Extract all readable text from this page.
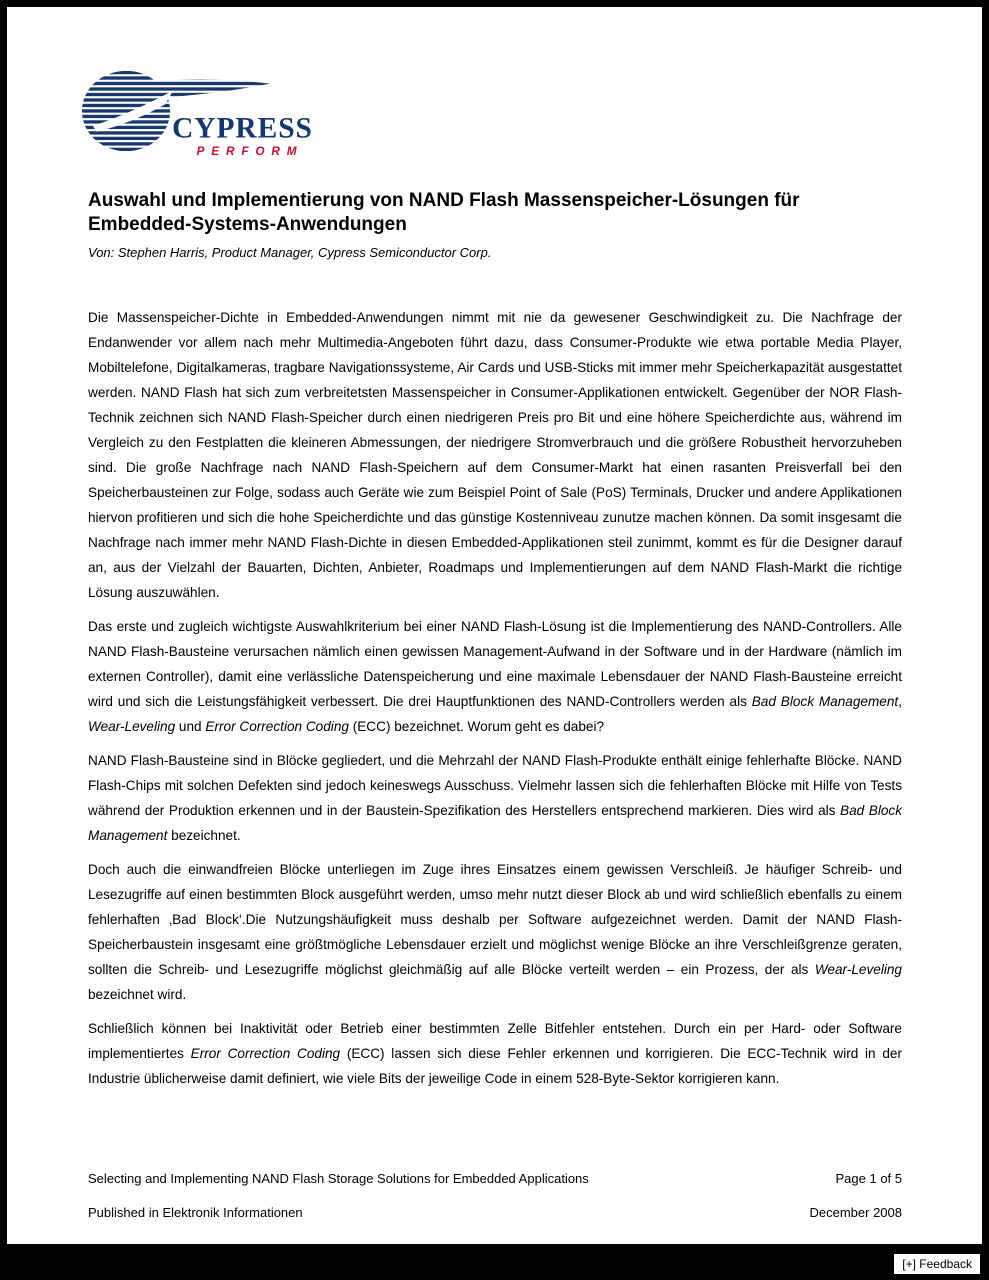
CYPRESS
PERFORM
Auswahl und Implementierung von NAND Flash Massenspeicher-Lösungen für Embedded-Systems-Anwendungen
Von: Stephen Harris, Product Manager, Cypress Semiconductor Corp.

Die Massenspeicher-Dichte in Embedded-Anwendungen nimmt mit nie da gewesener Geschwindigkeit zu. Die Nachfrage der Endanwender vor allem nach mehr Multimedia-Angeboten führt dazu, dass Consumer-Produkte wie etwa portable Media Player, Mobiltelefone, Digitalkameras, tragbare Navigationssysteme, Air Cards und USB-Sticks mit immer mehr Speicherkapazität ausgestattet werden. NAND Flash hat sich zum verbreitetsten Massenspeicher in Consumer-Applikationen entwickelt. Gegenüber der NOR Flash-Technik zeichnen sich NAND Flash-Speicher durch einen niedrigeren Preis pro Bit und eine höhere Speicherdichte aus, während im Vergleich zu den Festplatten die kleineren Abmessungen, der niedrigere Stromverbrauch und die größere Robustheit hervorzuheben sind. Die große Nachfrage nach NAND Flash-Speichern auf dem Consumer-Markt hat einen rasanten Preisverfall bei den Speicherbausteinen zur Folge, sodass auch Geräte wie zum Beispiel Point of Sale (PoS) Terminals, Drucker und andere Applikationen hiervon profitieren und sich die hohe Speicherdichte und das günstige Kostenniveau zunutze machen können. Da somit insgesamt die Nachfrage nach immer mehr NAND Flash-Dichte in diesen Embedded-Applikationen steil zunimmt, kommt es für die Designer darauf an, aus der Vielzahl der Bauarten, Dichten, Anbieter, Roadmaps und Implementierungen auf dem NAND Flash-Markt die richtige Lösung auszuwählen.

Das erste und zugleich wichtigste Auswahlkriterium bei einer NAND Flash-Lösung ist die Implementierung des NAND-Controllers. Alle NAND Flash-Bausteine verursachen nämlich einen gewissen Management-Aufwand in der Software und in der Hardware (nämlich im externen Controller), damit eine verlässliche Datenspeicherung und eine maximale Lebensdauer der NAND Flash-Bausteine erreicht wird und sich die Leistungsfähigkeit verbessert. Die drei Hauptfunktionen des NAND-Controllers werden als Bad Block Management, Wear-Leveling und Error Correction Coding (ECC) bezeichnet. Worum geht es dabei?

NAND Flash-Bausteine sind in Blöcke gegliedert, und die Mehrzahl der NAND Flash-Produkte enthält einige fehlerhafte Blöcke. NAND Flash-Chips mit solchen Defekten sind jedoch keineswegs Ausschuss. Vielmehr lassen sich die fehlerhaften Blöcke mit Hilfe von Tests während der Produktion erkennen und in der Baustein-Spezifikation des Herstellers entsprechend markieren. Dies wird als Bad Block Management bezeichnet.

Doch auch die einwandfreien Blöcke unterliegen im Zuge ihres Einsatzes einem gewissen Verschleiß. Je häufiger Schreib- und Lesezugriffe auf einen bestimmten Block ausgeführt werden, umso mehr nutzt dieser Block ab und wird schließlich ebenfalls zu einem fehlerhaften ‚Bad Block‘.Die Nutzungshäufigkeit muss deshalb per Software aufgezeichnet werden. Damit der NAND Flash-Speicherbaustein insgesamt eine größtmögliche Lebensdauer erzielt und möglichst wenige Blöcke an ihre Verschleißgrenze geraten, sollten die Schreib- und Lesezugriffe möglichst gleichmäßig auf alle Blöcke verteilt werden – ein Prozess, der als Wear-Leveling bezeichnet wird.

Schließlich können bei Inaktivität oder Betrieb einer bestimmten Zelle Bitfehler entstehen. Durch ein per Hard- oder Software implementiertes Error Correction Coding (ECC) lassen sich diese Fehler erkennen und korrigieren. Die ECC-Technik wird in der Industrie üblicherweise damit definiert, wie viele Bits der jeweilige Code in einem 528-Byte-Sektor korrigieren kann.

Selecting and Implementing NAND Flash Storage Solutions for Embedded Applications	Page 1 of 5
Published in Elektronik Informationen	December 2008
[+] Feedback
